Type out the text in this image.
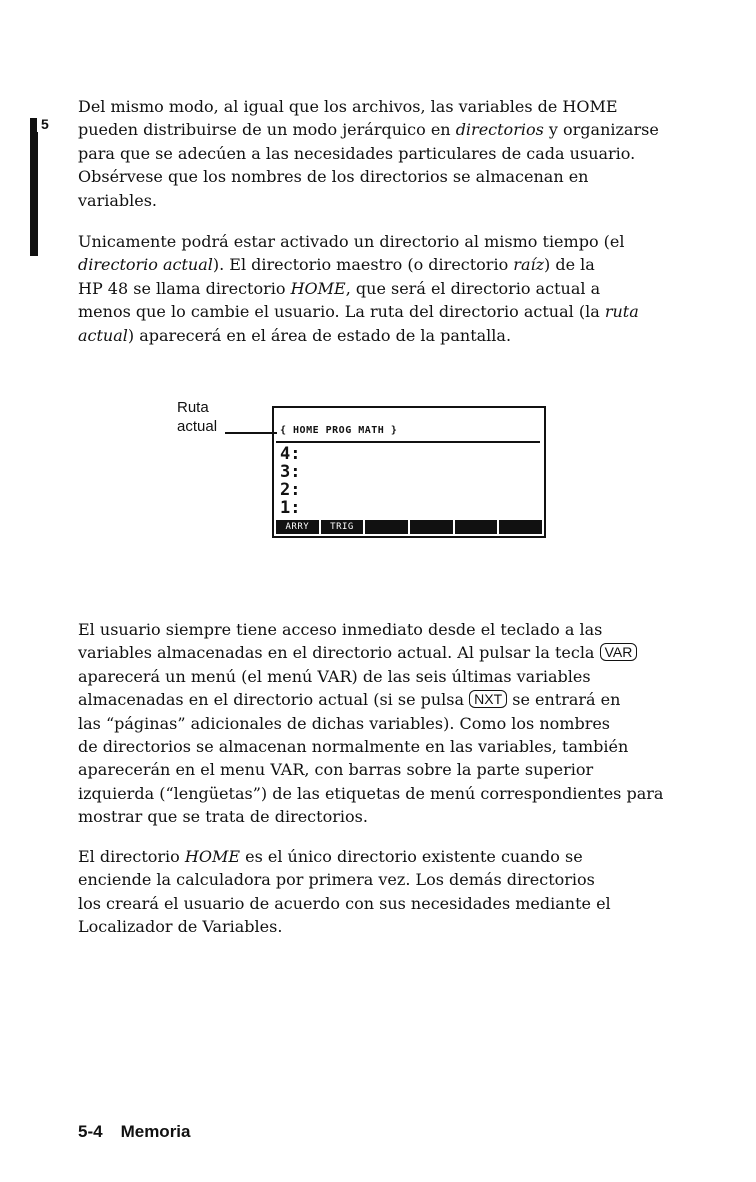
5
Del mismo modo, al igual que los archivos, las variables de HOME
pueden distribuirse de un modo jerárquico en directorios y organizarse
para que se adecúen a las necesidades particulares de cada usuario.
Obsérvese que los nombres de los directorios se almacenan en
variables.
Unicamente podrá estar activado un directorio al mismo tiempo (el
directorio actual). El directorio maestro (o directorio raíz) de la
HP 48 se llama directorio HOME, que será el directorio actual a
menos que lo cambie el usuario. La ruta del directorio actual (la ruta
actual) aparecerá en el área de estado de la pantalla.
Ruta
actual	{ HOME PROG MATH }
4:
3:
2:
1:
ARRY	TRIG
El usuario siempre tiene acceso inmediato desde el teclado a las
variables almacenadas en el directorio actual. Al pulsar la tecla VAR
aparecerá un menú (el menú VAR) de las seis últimas variables
almacenadas en el directorio actual (si se pulsa NXT se entrará en
las “páginas” adicionales de dichas variables). Como los nombres
de directorios se almacenan normalmente en las variables, también
aparecerán en el menu VAR, con barras sobre la parte superior
izquierda (“lengüetas”) de las etiquetas de menú correspondientes para
mostrar que se trata de directorios.
El directorio HOME es el único directorio existente cuando se
enciende la calculadora por primera vez. Los demás directorios
los creará el usuario de acuerdo con sus necesidades mediante el
Localizador de Variables.
5-4 Memoria
